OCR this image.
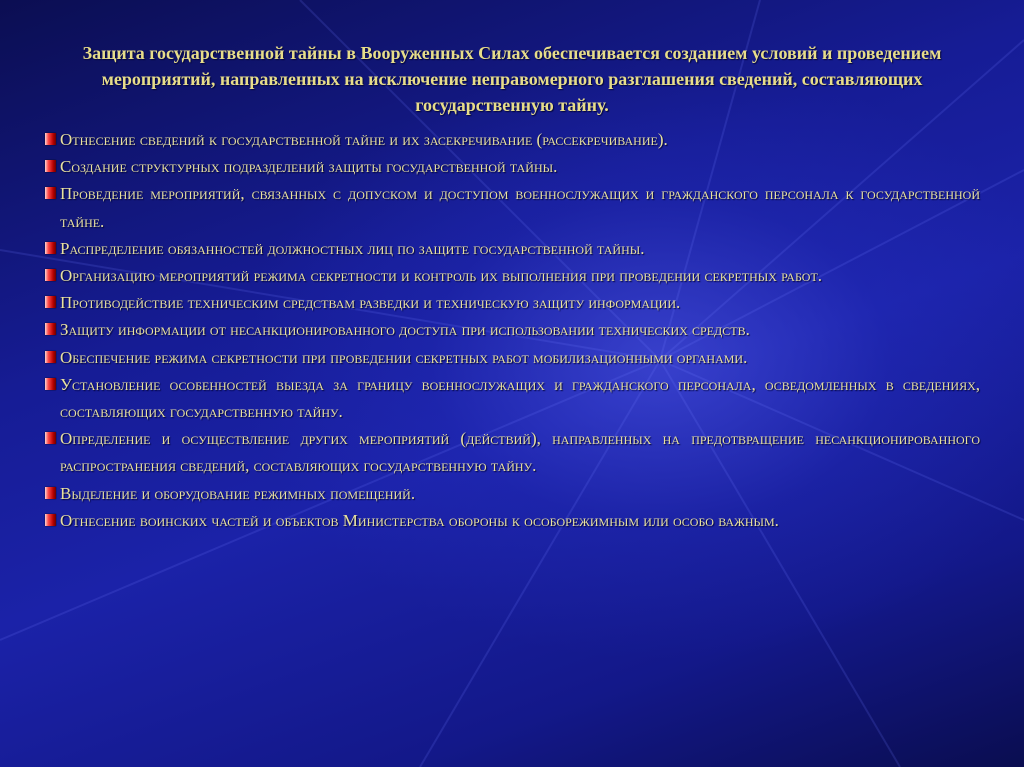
Защита государственной тайны в Вооруженных Силах обеспечивается созданием условий и проведением мероприятий, направленных на исключение неправомерного разглашения сведений, составляющих государственную тайну.
Отнесение сведений к государственной тайне и их засекречивание (рассекречивание).
Создание структурных подразделений защиты государственной тайны.
Проведение мероприятий, связанных с допуском и доступом военнослужащих и гражданского персонала к государственной тайне.
Распределение обязанностей должностных лиц по защите государственной тайны.
Организацию мероприятий режима секретности и контроль их выполнения при проведении секретных работ.
Противодействие техническим средствам разведки и техническую защиту информации.
Защиту информации от несанкционированного доступа при использовании технических средств.
Обеспечение режима секретности при проведении секретных работ мобилизационными органами.
Установление особенностей выезда за границу военнослужащих и гражданского персонала, осведомленных в сведениях, составляющих государственную тайну.
Определение и осуществление других мероприятий (действий), направленных на предотвращение несанкционированного распространения сведений, составляющих государственную тайну.
Выделение и оборудование режимных помещений.
Отнесение воинских частей и объектов Министерства обороны к особорежимным или особо важным.
